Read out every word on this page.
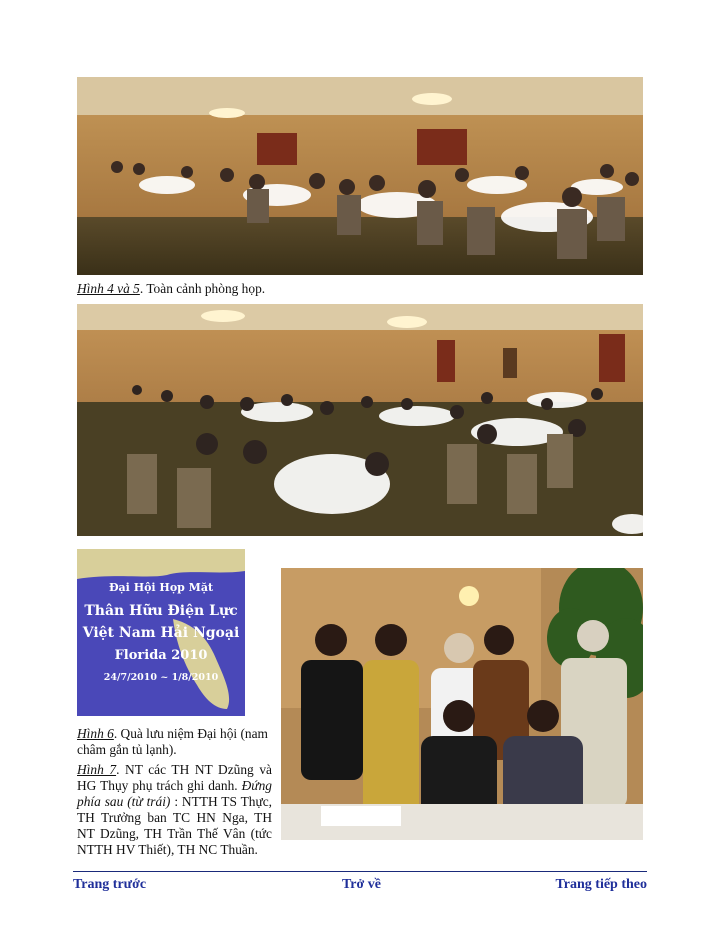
Hình 4 và 5. Toàn cảnh phòng họp.
Đại Hội Họp Mặt
Thân Hữu Điện Lực
Việt Nam Hải Ngoại
Florida 2010
24/7/2010 ~ 1/8/2010
Hình 6. Quà lưu niệm Đại hội (nam châm gắn tủ lạnh).
Hình 7. NT các TH NT Dzũng và HG Thụy phụ trách ghi danh. Đứng phía sau (từ trái) : NTTH TS Thực, TH Trưởng ban TC HN Nga, TH NT Dzũng, TH Trần Thế Vân (tức NTTH HV Thiết), TH NC Thuần.
Trang trước	Trở về	Trang tiếp theo
